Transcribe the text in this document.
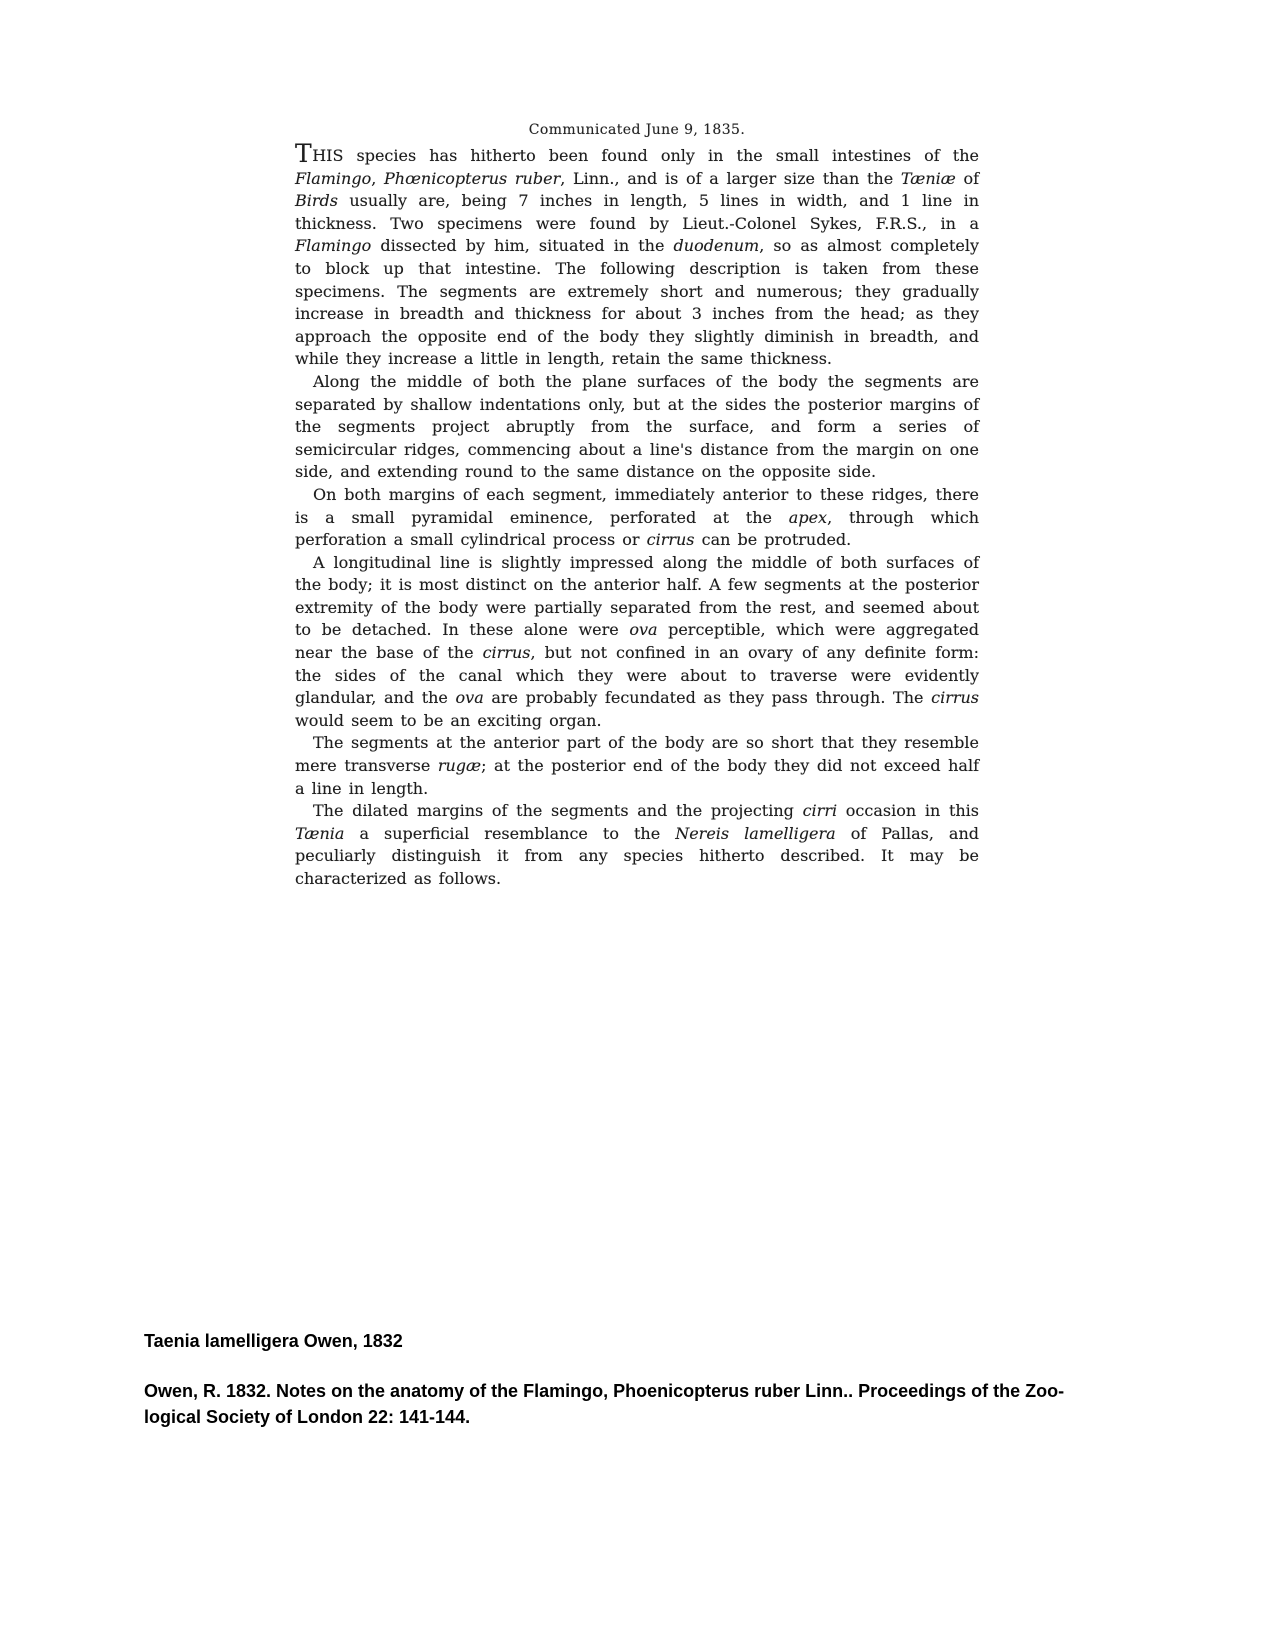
Communicated June 9, 1835.

THIS species has hitherto been found only in the small intestines of the Flamingo, Phœnicopterus ruber, Linn., and is of a larger size than the Tæniæ of Birds usually are, being 7 inches in length, 5 lines in width, and 1 line in thickness. Two specimens were found by Lieut.-Colonel Sykes, F.R.S., in a Flamingo dissected by him, situated in the duodenum, so as almost completely to block up that intestine. The following description is taken from these specimens. The segments are extremely short and numerous; they gradually increase in breadth and thickness for about 3 inches from the head; as they approach the opposite end of the body they slightly diminish in breadth, and while they increase a little in length, retain the same thickness.

Along the middle of both the plane surfaces of the body the segments are separated by shallow indentations only, but at the sides the posterior margins of the segments project abruptly from the surface, and form a series of semicircular ridges, commencing about a line's distance from the margin on one side, and extending round to the same distance on the opposite side.

On both margins of each segment, immediately anterior to these ridges, there is a small pyramidal eminence, perforated at the apex, through which perforation a small cylindrical process or cirrus can be protruded.

A longitudinal line is slightly impressed along the middle of both surfaces of the body; it is most distinct on the anterior half. A few segments at the posterior extremity of the body were partially separated from the rest, and seemed about to be detached. In these alone were ova perceptible, which were aggregated near the base of the cirrus, but not confined in an ovary of any definite form: the sides of the canal which they were about to traverse were evidently glandular, and the ova are probably fecundated as they pass through. The cirrus would seem to be an exciting organ.

The segments at the anterior part of the body are so short that they resemble mere transverse rugæ; at the posterior end of the body they did not exceed half a line in length.

The dilated margins of the segments and the projecting cirri occasion in this Tænia a superficial resemblance to the Nereis lamelligera of Pallas, and peculiarly distinguish it from any species hitherto described. It may be characterized as follows.

Taenia lamelligera Owen, 1832
Owen, R. 1832. Notes on the anatomy of the Flamingo, Phoenicopterus ruber Linn.. Proceedings of the Zoo-
logical Society of London 22: 141-144.
